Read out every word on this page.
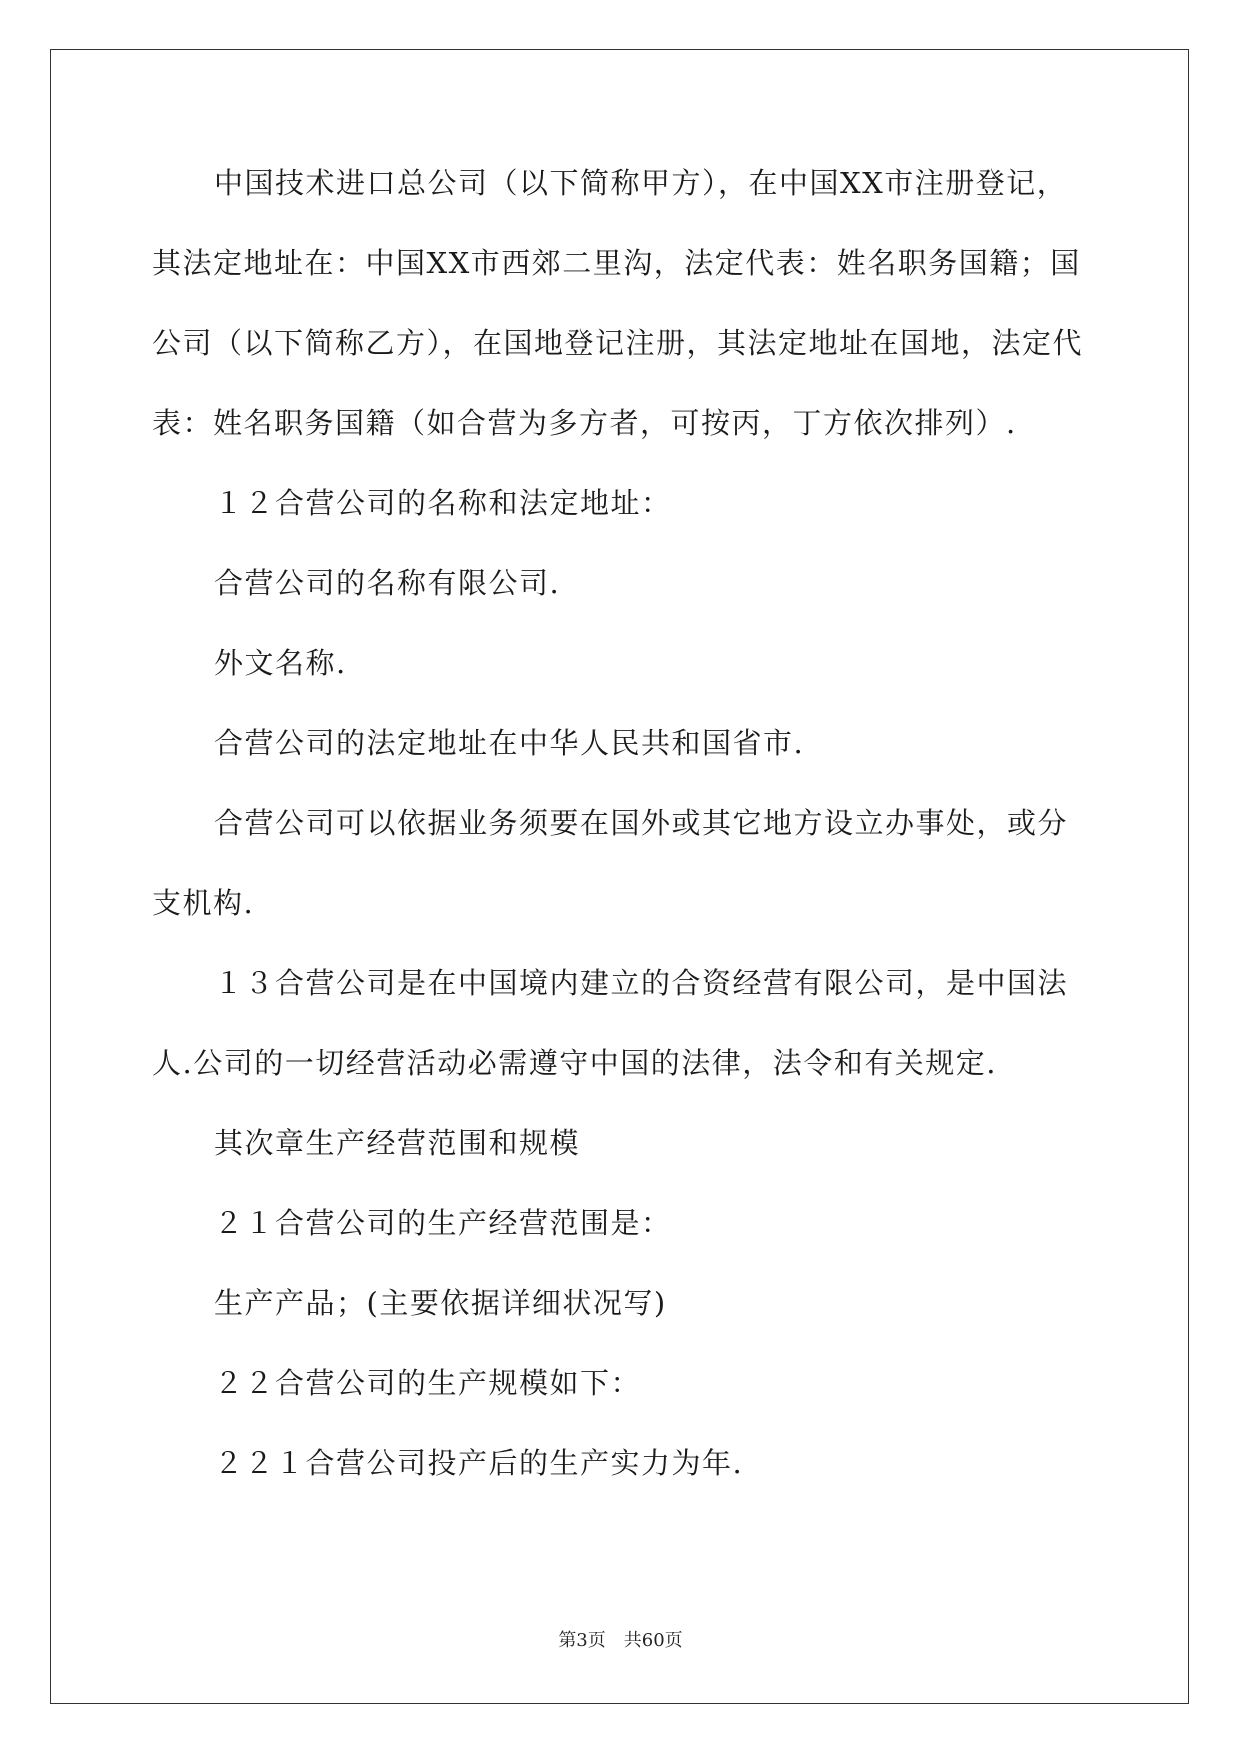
中国技术进口总公司（以下简称甲方），在中国XX市注册登记，
其法定地址在：中国XX市西郊二里沟，法定代表：姓名职务国籍；国
公司（以下简称乙方），在国地登记注册，其法定地址在国地，法定代
表：姓名职务国籍（如合营为多方者，可按丙，丁方依次排列）.
１２合营公司的名称和法定地址：
合营公司的名称有限公司.
外文名称.
合营公司的法定地址在中华人民共和国省市.
合营公司可以依据业务须要在国外或其它地方设立办事处，或分
支机构.
１３合营公司是在中国境内建立的合资经营有限公司，是中国法
人.公司的一切经营活动必需遵守中国的法律，法令和有关规定.
其次章生产经营范围和规模
２１合营公司的生产经营范围是：
生产产品；(主要依据详细状况写)
２２合营公司的生产规模如下：
２２１合营公司投产后的生产实力为年.
第3页 共60页
